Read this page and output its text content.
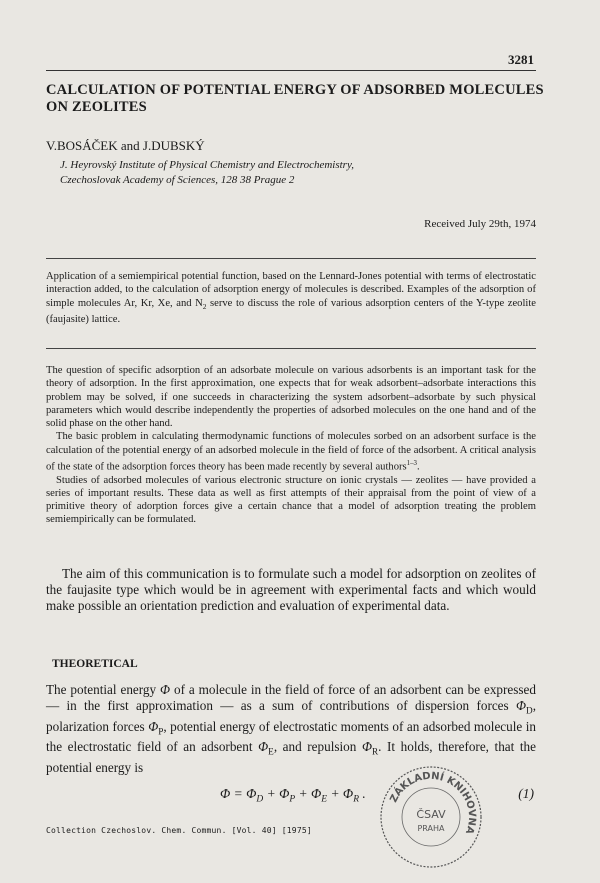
3281
CALCULATION OF POTENTIAL ENERGY OF ADSORBED MOLECULES ON ZEOLITES
V.BOSÁČEK and J.DUBSKÝ
J. Heyrovský Institute of Physical Chemistry and Electrochemistry,
Czechoslovak Academy of Sciences, 128 38 Prague 2
Received July 29th, 1974
Application of a semiempirical potential function, based on the Lennard-Jones potential with terms of electrostatic interaction added, to the calculation of adsorption energy of molecules is described. Examples of the adsorption of simple molecules Ar, Kr, Xe, and $N_2$ serve to discuss the role of various adsorption centers of the Y-type zeolite (faujasite) lattice.

The question of specific adsorption of an adsorbate molecule on various adsorbents is an important task for the theory of adsorption. In the first approximation, one expects that for weak adsorbent–adsorbate interactions this problem may be solved, if one succeeds in characterizing the system adsorbent–adsorbate by such physical parameters which would describe independently the properties of adsorbed molecules on the one hand and of the solid phase on the other hand.

The basic problem in calculating thermodynamic functions of molecules sorbed on an adsorbent surface is the calculation of the potential energy of an adsorbed molecule in the field of force of the adsorbent. A critical analysis of the state of the adsorption forces theory has been made recently by several authors$^{1-3}$.

Studies of adsorbed molecules of various electronic structure on ionic crystals — zeolites — have provided a series of important results. These data as well as first attempts of their appraisal from the point of view of a primitive theory of adorption forces give a certain chance that a model of adsorption treating the problem semiempirically can be formulated.

The aim of this communication is to formulate such a model for adsorption on zeolites of the faujasite type which would be in agreement with experimental facts and which would make possible an orientation prediction and evaluation of experimental data.

THEORETICAL

The potential energy Φ of a molecule in the field of force of an adsorbent can be expressed — in the first approximation — as a sum of contributions of dispersion forces $\Phi_D$, polarization forces $\Phi_P$, potential energy of electrostatic moments of an adsorbed molecule in the electrostatic field of an adsorbent $\Phi_E$, and repulsion $\Phi_R$. It holds, therefore, that the potential energy is

$\Phi = \Phi_D + \Phi_P + \Phi_E + \Phi_R$ .	(1)
Collection Czechoslov. Chem. Commun. [Vol. 40] [1975]
ZÁKLADNÍ KNIHOVNA
ČSAV
PRAHA
